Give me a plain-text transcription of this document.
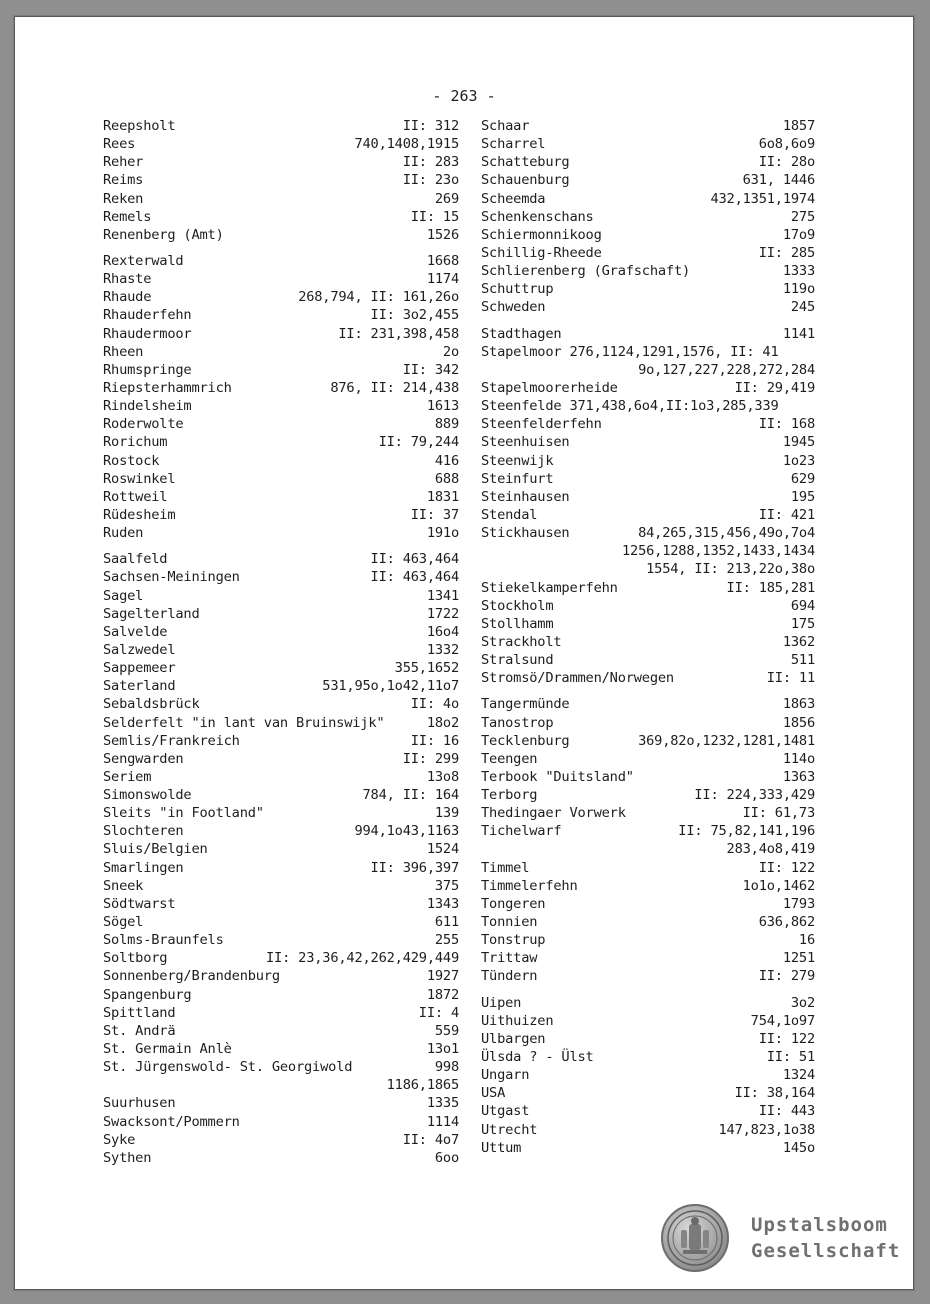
- 263 -
Reepsholt	II: 312
Rees	740,1408,1915
Reher	II: 283
Reims	II: 23o
Reken	269
Remels	II: 15
Renenberg (Amt)	1526
Rexterwald	1668
Rhaste	1174
Rhaude	268,794, II: 161,26o
Rhauderfehn	II: 3o2,455
Rhaudermoor	II: 231,398,458
Rheen	2o
Rhumspringe	II: 342
Riepsterhammrich	876, II: 214,438
Rindelsheim	1613
Roderwolte	889
Rorichum	II: 79,244
Rostock	416
Roswinkel	688
Rottweil	1831
Rüdesheim	II: 37
Ruden	191o
Saalfeld	II: 463,464
Sachsen-Meiningen	II: 463,464
Sagel	1341
Sagelterland	1722
Salvelde	16o4
Salzwedel	1332
Sappemeer	355,1652
Saterland	531,95o,1o42,11o7
Sebaldsbrück	II: 4o
Selderfelt "in lant van Bruinswijk"	18o2
Semlis/Frankreich	II: 16
Sengwarden	II: 299
Seriem	13o8
Simonswolde	784, II: 164
Sleits "in Footland"	139
Slochteren	994,1o43,1163
Sluis/Belgien	1524
Smarlingen	II: 396,397
Sneek	375
Södtwarst	1343
Sögel	611
Solms-Braunfels	255
Soltborg	II: 23,36,42,262,429,449
Sonnenberg/Brandenburg	1927
Spangenburg	1872
Spittland	II: 4
St. Andrä	559
St. Germain Anlè	13o1
St. Jürgenswold- St. Georgiwold	998
1186,1865
Suurhusen	1335
Swacksont/Pommern	1114
Syke	II: 4o7
Sythen	6oo
Schaar	1857
Scharrel	6o8,6o9
Schatteburg	II: 28o
Schauenburg	631, 1446
Scheemda	432,1351,1974
Schenkenschans	275
Schiermonnikoog	17o9
Schillig-Rheede	II: 285
Schlierenberg (Grafschaft)	1333
Schuttrup	119o
Schweden	245
Stadthagen	1141
Stapelmoor 276,1124,1291,1576, II: 41
9o,127,227,228,272,284
Stapelmoorerheide	II: 29,419
Steenfelde 371,438,6o4,II:1o3,285,339
Steenfelderfehn	II: 168
Steenhuisen	1945
Steenwijk	1o23
Steinfurt	629
Steinhausen	195
Stendal	II: 421
Stickhausen	84,265,315,456,49o,7o4
1256,1288,1352,1433,1434
1554, II: 213,22o,38o
Stiekelkamperfehn	II: 185,281
Stockholm	694
Stollhamm	175
Strackholt	1362
Stralsund	511
Stromsö/Drammen/Norwegen	II: 11
Tangermünde	1863
Tanostrop	1856
Tecklenburg	369,82o,1232,1281,1481
Teengen	114o
Terbook "Duitsland"	1363
Terborg	II: 224,333,429
Thedingaer Vorwerk	II: 61,73
Tichelwarf	II: 75,82,141,196
283,4o8,419
Timmel	II: 122
Timmelerfehn	1o1o,1462
Tongeren	1793
Tonnien	636,862
Tonstrup	16
Trittaw	1251
Tündern	II: 279
Uipen	3o2
Uithuizen	754,1o97
Ulbargen	II: 122
Ülsda ? - Ülst	II: 51
Ungarn	1324
USA	II: 38,164
Utgast	II: 443
Utrecht	147,823,1o38
Uttum	145o
Upstalsboom
Gesellschaft
